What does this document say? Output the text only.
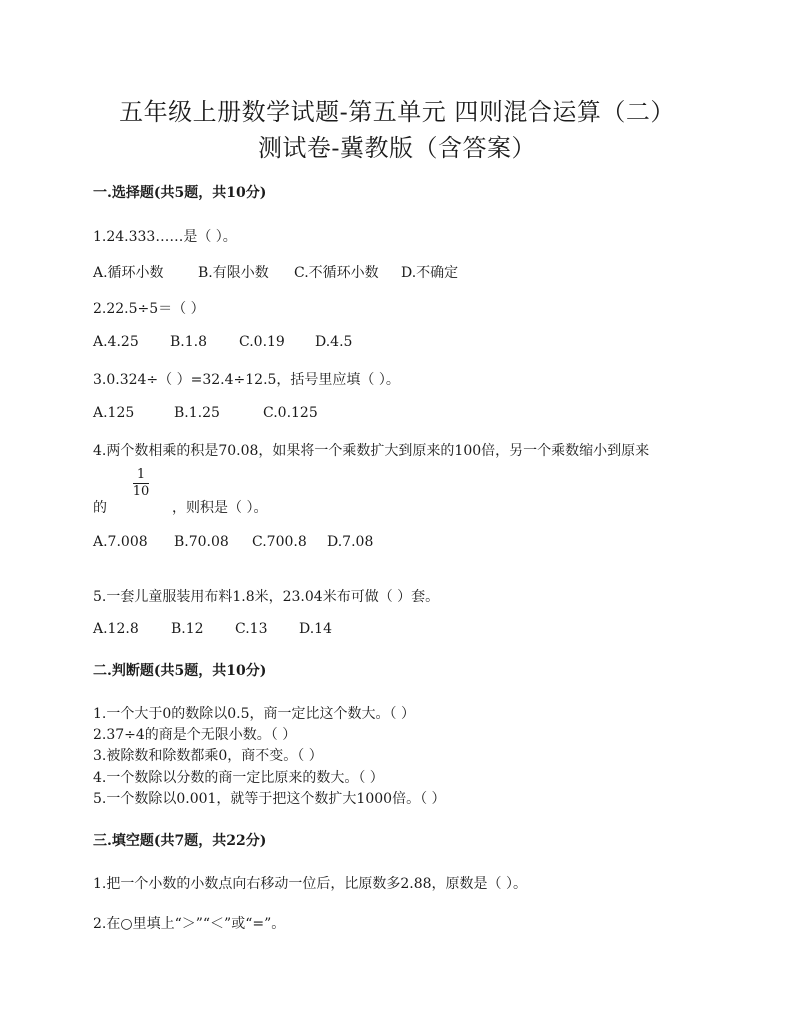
五年级上册数学试题-第五单元 四则混合运算（二）
测试卷-冀教版（含答案）
一.选择题(共5题，共10分)
1.24.333……是（ ）。
A.循环小数 B.有限小数 C.不循环小数 D.不确定
2.22.5÷5＝（ ）
A.4.25 B.1.8 C.0.19 D.4.5
3.0.324÷（ ）=32.4÷12.5，括号里应填（ ）。
A.125	B.1.25	C.0.125
4.两个数相乘的积是70.08，如果将一个乘数扩大到原来的100倍，另一个乘数缩小到原来
的
1
10
，则积是（ ）。
A.7.008 B.70.08 C.700.8 D.7.08
5.一套儿童服装用布料1.8米，23.04米布可做（ ）套。
A.12.8 B.12 C.13 D.14
二.判断题(共5题，共10分)
1.一个大于0的数除以0.5，商一定比这个数大。（ ）
2.37÷4的商是个无限小数。（ ）
3.被除数和除数都乘0，商不变。（ ）
4.一个数除以分数的商一定比原来的数大。（ ）
5.一个数除以0.001，就等于把这个数扩大1000倍。（ ）
三.填空题(共7题，共22分)
1.把一个小数的小数点向右移动一位后，比原数多2.88，原数是（ ）。
2.在○里填上“＞”“＜”或“=”。
